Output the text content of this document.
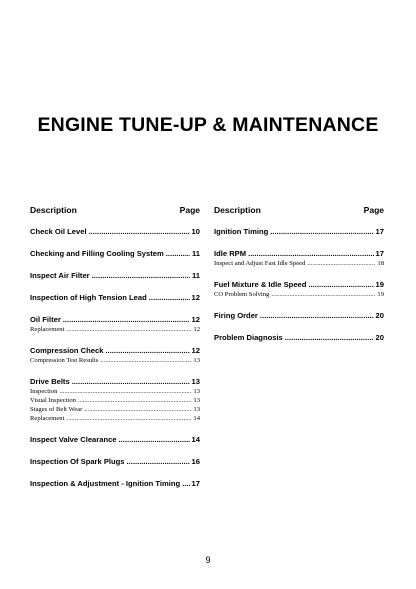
ENGINE TUNE-UP & MAINTENANCE
Description	Page
Check Oil Level .....	10
Checking and Filling Cooling System .....	11
Inspect Air Filter .....	11
Inspection of High Tension Lead .....	12
Oil Filter .....	12
Replacement .....	12
Compression Check .....	12
Compression Test Results .....	13
Drive Belts .....	13
Inspection .....	13
Visual Inspection .....	13
Stages of Belt Wear .....	13
Replacement .....	14
Inspect Valve Clearance .....	14
Inspection Of Spark Plugs .....	16
Inspection & Adjustment - Ignition Timing ..... 17
Description	Page
Ignition Timing .....	17
Idle RPM .....	17
Inspect and Adjust Fast Idle Speed .....	18
Fuel Mixture & Idle Speed .....	19
CO Problem Solving .....	19
Firing Order .....	20
Problem Diagnosis .....	20
9
